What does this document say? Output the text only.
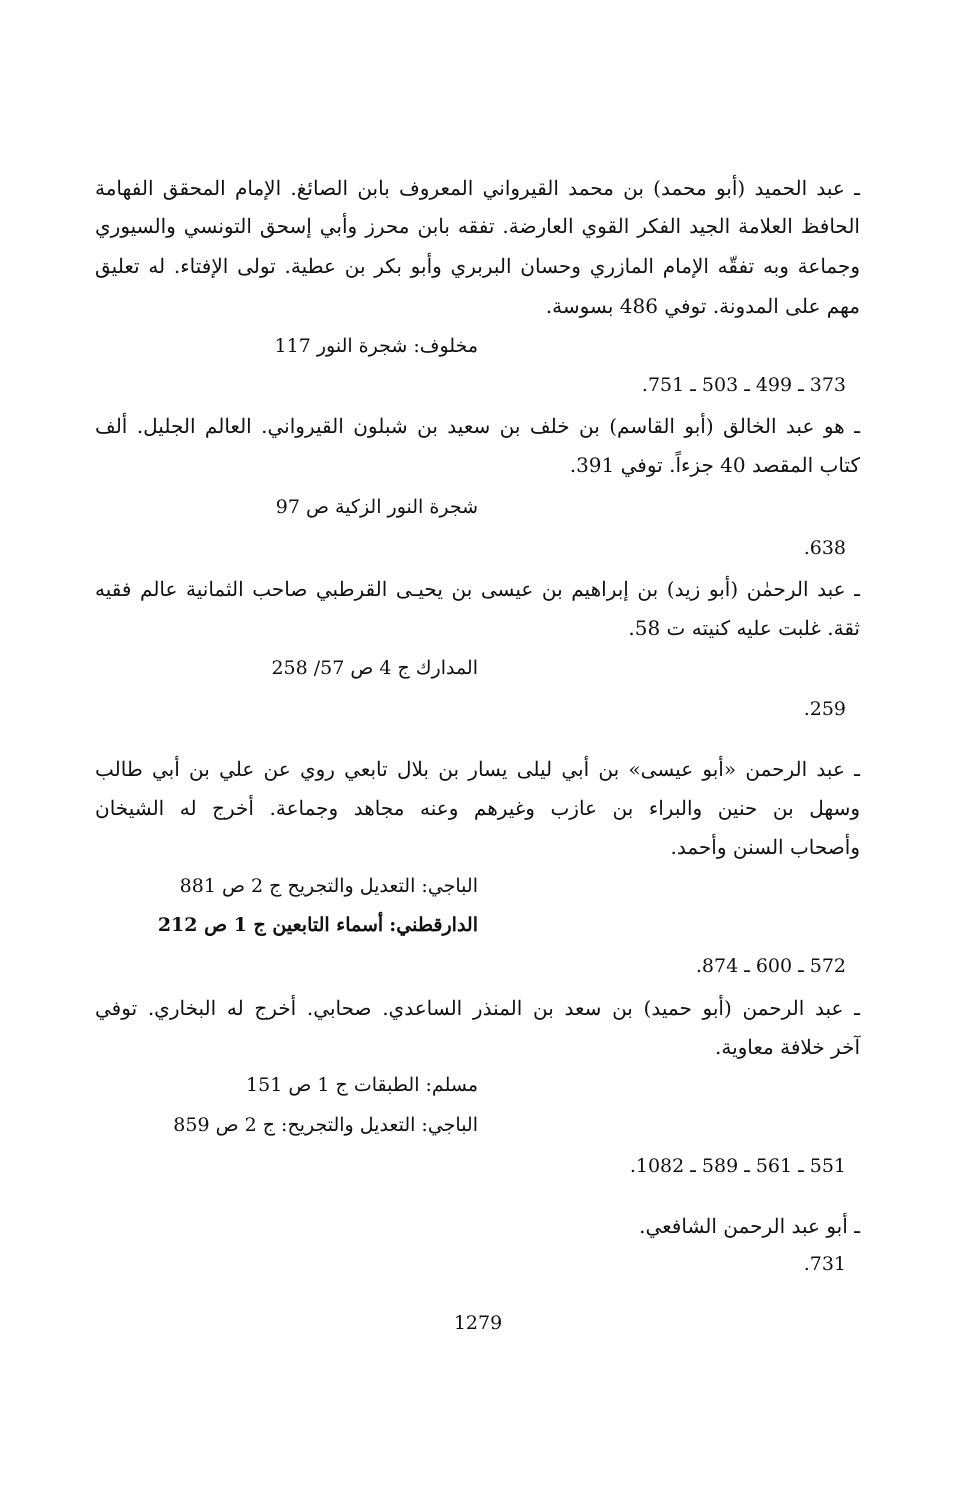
ـ عبد الحميد (أبو محمد) بن محمد القيرواني المعروف بابن الصائغ. الإمام المحقق الفهامة
الحافظ العلامة الجيد الفكر القوي العارضة. تفقه بابن محرز وأبي إسحق التونسي والسيوري
وجماعة وبه تفقّه الإمام المازري وحسان البربري وأبو بكر بن عطية. تولى الإفتاء. له تعليق
مهم على المدونة. توفي 486 بسوسة.
مخلوف: شجرة النور 117
373 ـ 499 ـ 503 ـ 751.
ـ هو عبد الخالق (أبو القاسم) بن خلف بن سعيد بن شبلون القيرواني. العالم الجليل. ألف
كتاب المقصد 40 جزءاً. توفي 391.
شجرة النور الزكية ص 97
638.
ـ عبد الرحمٰن (أبو زيد) بن إبراهيم بن عيسى بن يحيـى القرطبي صاحب الثمانية عالم فقيه
ثقة. غلبت عليه كنيته ت 58.
المدارك ج 4 ص 57/ 258
259.
ـ عبد الرحمن «أبو عيسى» بن أبي ليلى يسار بن بلال تابعي روي عن علي بن أبي طالب
وسهل بن حنين والبراء بن عازب وغيرهم وعنه مجاهد وجماعة. أخرج له الشيخان
وأصحاب السنن وأحمد.
الباجي: التعديل والتجريح ج 2 ص 881
الدارقطني: أسماء التابعين ج 1 ص 212
572 ـ 600 ـ 874.
ـ عبد الرحمن (أبو حميد) بن سعد بن المنذر الساعدي. صحابي. أخرج له البخاري. توفي
آخر خلافة معاوية.
مسلم: الطبقات ج 1 ص 151
الباجي: التعديل والتجريح: ج 2 ص 859
551 ـ 561 ـ 589 ـ 1082.
ـ أبو عبد الرحمن الشافعي.
731.
1279
